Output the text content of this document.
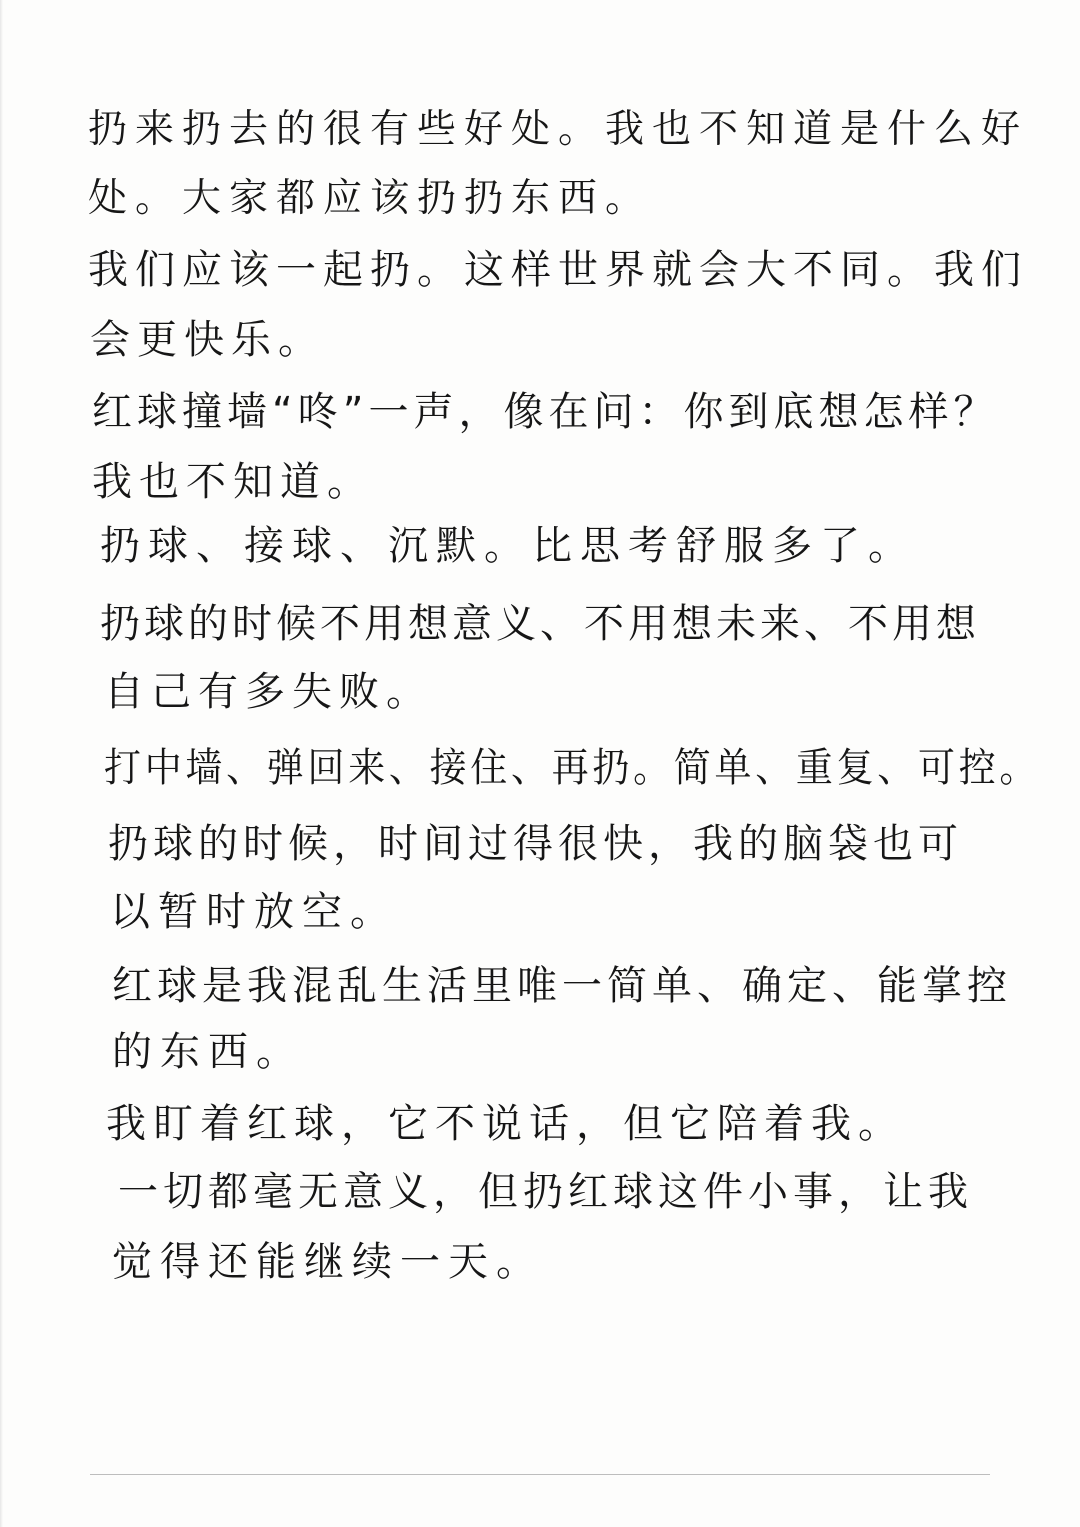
扔来扔去的很有些好处。我也不知道是什么好
处。大家都应该扔扔东西。
我们应该一起扔。这样世界就会大不同。我们
会更快乐。
红球撞墙“咚”一声，像在问：你到底想怎样？
我也不知道。
扔球、接球、沉默。比思考舒服多了。
扔球的时候不用想意义、不用想未来、不用想
自己有多失败。
打中墙、弹回来、接住、再扔。简单、重复、可控。
扔球的时候，时间过得很快，我的脑袋也可
以暂时放空。
红球是我混乱生活里唯一简单、确定、能掌控
的东西。
我盯着红球，它不说话，但它陪着我。
一切都毫无意义，但扔红球这件小事，让我
觉得还能继续一天。
